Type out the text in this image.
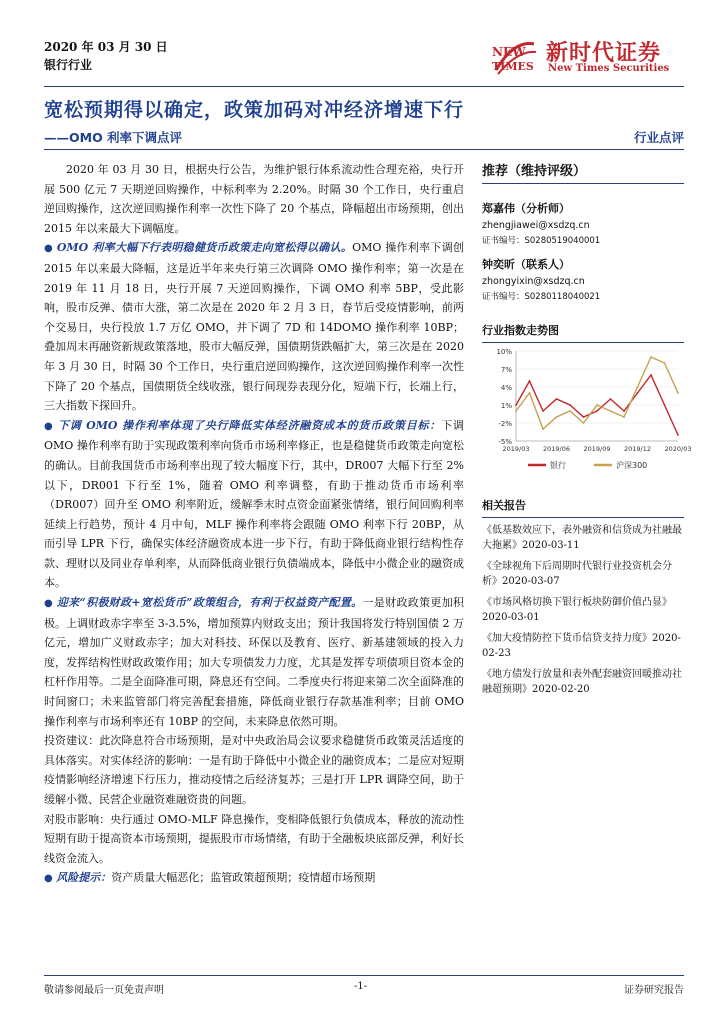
2020 年 03 月 30 日
银行行业
NEW
TIMES
新时代证券
New Times Securities
宽松预期得以确定，政策加码对冲经济增速下行
——OMO 利率下调点评	行业点评

2020 年 03 月 30 日，根据央行公告，为维护银行体系流动性合理充裕，央行开展 500 亿元 7 天期逆回购操作，中标利率为 2.20%。时隔 30 个工作日，央行重启逆回购操作，这次逆回购操作利率一次性下降了 20 个基点，降幅超出市场预期，创出 2015 年以来最大下调幅度。

● OMO 利率大幅下行表明稳健货币政策走向宽松得以确认。OMO 操作利率下调创 2015 年以来最大降幅，这是近半年来央行第三次调降 OMO 操作利率；第一次是在 2019 年 11 月 18 日，央行开展 7 天逆回购操作，下调 OMO 利率 5BP，受此影响，股市反弹、债市大涨，第二次是在 2020 年 2 月 3 日，春节后受疫情影响，前两个交易日，央行投放 1.7 万亿 OMO，并下调了 7D 和 14DOMO 操作利率 10BP；叠加周末再融资新规政策落地，股市大幅反弹，国债期货跌幅扩大，第三次是在 2020 年 3 月 30 日，时隔 30 个工作日，央行重启逆回购操作，这次逆回购操作利率一次性下降了 20 个基点，国债期货全线收涨，银行间现券表现分化，短端下行，长端上行，三大指数下探回升。

● 下调 OMO 操作利率体现了央行降低实体经济融资成本的货币政策目标：下调 OMO 操作利率有助于实现政策利率向货币市场利率修正，也是稳健货币政策走向宽松的确认。目前我国货币市场利率出现了较大幅度下行，其中，DR007 大幅下行至 2%以下，DR001 下行至 1%，随着 OMO 利率调整，有助于推动货币市场利率（DR007）回升至 OMO 利率附近，缓解季末时点资金面紧张情绪，银行间回购利率延续上行趋势，预计 4 月中旬，MLF 操作利率将会跟随 OMO 利率下行 20BP，从而引导 LPR 下行，确保实体经济融资成本进一步下行，有助于降低商业银行结构性存款、理财以及同业存单利率，从而降低商业银行负债端成本，降低中小微企业的融资成本。

● 迎来“积极财政+宽松货币”政策组合，有利于权益资产配置。一是财政政策更加积极。上调财政赤字率至 3-3.5%，增加预算内财政支出；预计我国将发行特别国债 2 万亿元，增加广义财政赤字；加大对科技、环保以及教育、医疗、新基建领域的投入力度，发挥结构性财政政策作用；加大专项债发力力度，尤其是发挥专项债项目资本金的杠杆作用等。二是全面降准可期，降息还有空间。二季度央行将迎来第二次全面降准的时间窗口；未来监管部门将完善配套措施，降低商业银行存款基准利率；目前 OMO 操作利率与市场利率还有 10BP 的空间，未来降息依然可期。

投资建议：此次降息符合市场预期，是对中央政治局会议要求稳健货币政策灵活适度的具体落实。对实体经济的影响：一是有助于降低中小微企业的融资成本；二是应对短期疫情影响经济增速下行压力，推动疫情之后经济复苏；三是打开 LPR 调降空间，助于缓解小微、民营企业融资难融资贵的问题。

对股市影响：央行通过 OMO-MLF 降息操作，变相降低银行负债成本，释放的流动性短期有助于提高资本市场预期，提振股市市场情绪，有助于全融板块底部反弹，利好长线资金流入。

● 风险提示：资产质量大幅恶化；监管政策超预期；疫情超市场预期

推荐（维持评级）
郑嘉伟（分析师）
zhengjiawei@xsdzq.cn
证书编号：S0280519040001
钟奕昕（联系人）
zhongyixin@xsdzq.cn
证书编号：S0280118040021
行业指数走势图
10%
7%
4%
1%
-2%
-5%
2019/03 2019/06 2019/09 2019/12 2020/03
银行	沪深300
相关报告
《低基数效应下，表外融资和信贷成为社融最大拖累》2020-03-11
《全球视角下后周期时代银行业投资机会分析》2020-03-07
《市场风格切换下银行板块防御价值凸显》2020-03-01
《加大疫情防控下货币信贷支持力度》2020-02-23
《地方债发行放量和表外配套融资回暖推动社融超预期》2020-02-20
敬请参阅最后一页免责声明	-1-	证券研究报告
